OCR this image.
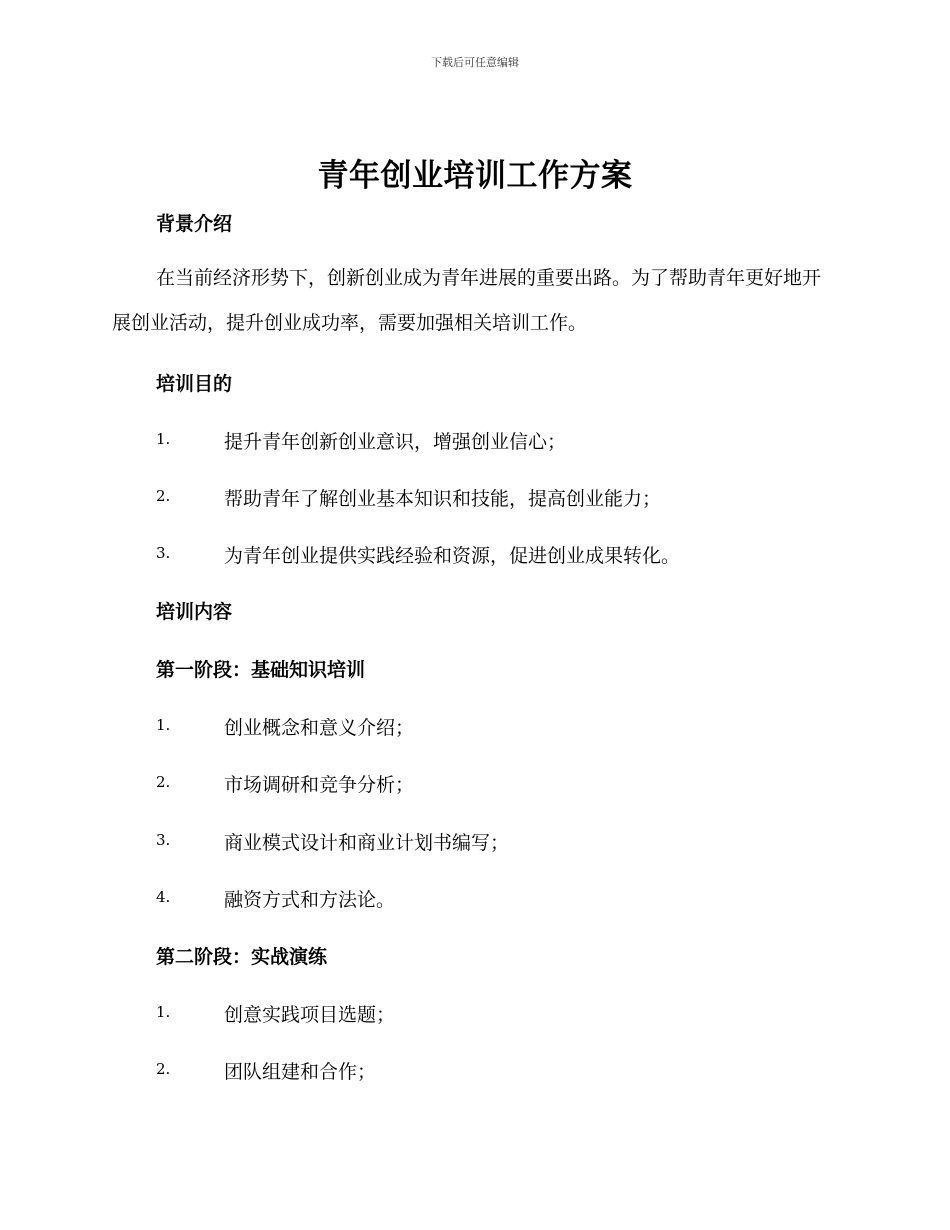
下载后可任意编辑
青年创业培训工作方案
背景介绍

在当前经济形势下，创新创业成为青年进展的重要出路。为了帮助青年更好地开展创业活动，提升创业成功率，需要加强相关培训工作。

培训目的
1.	提升青年创新创业意识，增强创业信心；
2.	帮助青年了解创业基本知识和技能，提高创业能力；
3.	为青年创业提供实践经验和资源，促进创业成果转化。
培训内容
第一阶段：基础知识培训
1.	创业概念和意义介绍；
2.	市场调研和竞争分析；
3.	商业模式设计和商业计划书编写；
4.	融资方式和方法论。
第二阶段：实战演练
1.	创意实践项目选题；
2.	团队组建和合作；
